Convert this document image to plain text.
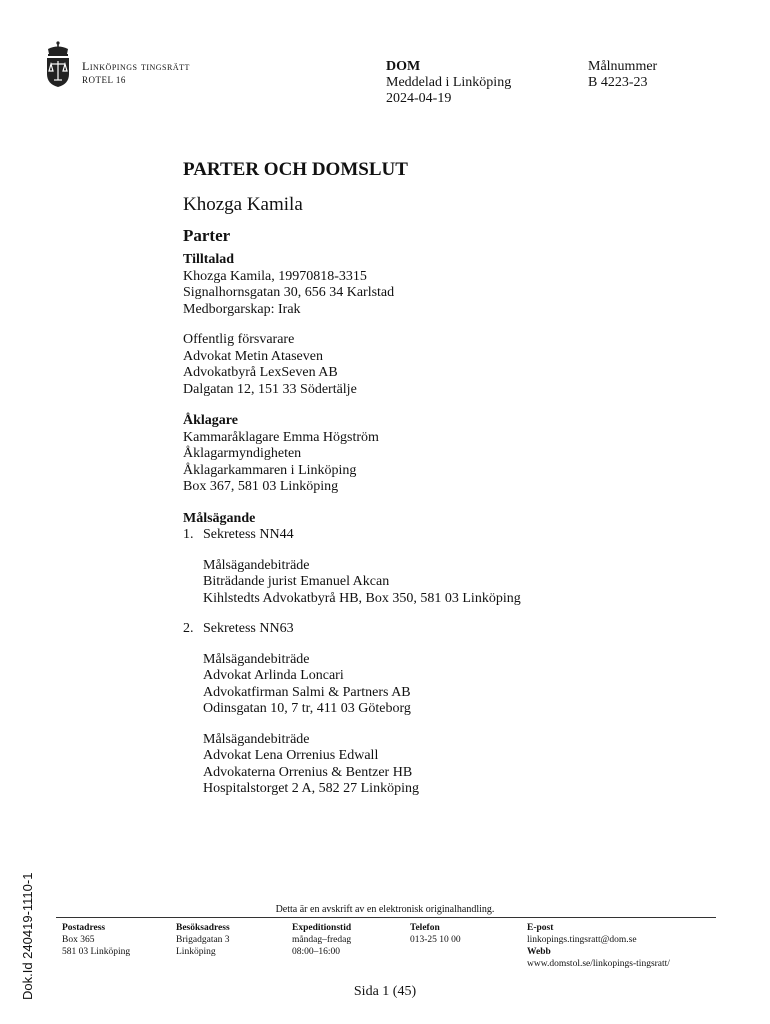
Linköpings tingsrätt
ROTEL 16
DOM
Meddelad i Linköping
2024-04-19
Målnummer
B 4223-23
PARTER OCH DOMSLUT
Khozga Kamila
Parter
Tilltalad
Khozga Kamila, 19970818-3315
Signalhornsgatan 30, 656 34 Karlstad
Medborgarskap: Irak
Offentlig försvarare
Advokat Metin Ataseven
Advokatbyrå LexSeven AB
Dalgatan 12, 151 33 Södertälje
Åklagare
Kammaråklagare Emma Högström
Åklagarmyndigheten
Åklagarkammaren i Linköping
Box 367, 581 03 Linköping
Målsägande
1. Sekretess NN44
Målsägandebiträde
Biträdande jurist Emanuel Akcan
Kihlstedts Advokatbyrå HB, Box 350, 581 03 Linköping
2. Sekretess NN63
Målsägandebiträde
Advokat Arlinda Loncari
Advokatfirman Salmi & Partners AB
Odinsgatan 10, 7 tr, 411 03 Göteborg
Målsägandebiträde
Advokat Lena Orrenius Edwall
Advokaterna Orrenius & Bentzer HB
Hospitalstorget 2 A, 582 27 Linköping
Dok.Id 240419-1110-1	Detta är en avskrift av en elektronisk originalhandling.
Postadress
Box 365
581 03 Linköping
Besöksadress
Brigadgatan 3
Linköping
Expeditionstid
måndag–fredag
08:00–16:00
Telefon
013-25 10 00
E-post
linkopings.tingsratt@dom.se
Webb
www.domstol.se/linkopings-tingsratt/
Sida 1 (45)
